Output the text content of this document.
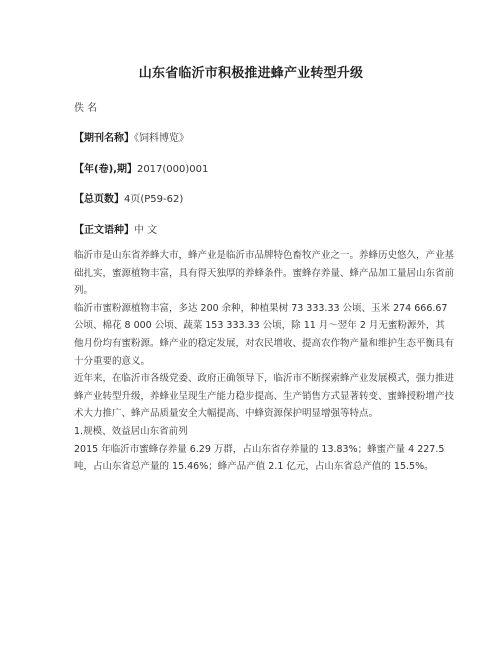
山东省临沂市积极推进蜂产业转型升级
佚 名
【期刊名称】《饲料博览》
【年(卷),期】2017(000)001
【总页数】4页(P59-62)
【正文语种】中 文

临沂市是山东省养蜂大市，蜂产业是临沂市品牌特色畜牧产业之一。养蜂历史悠久，产业基础扎实，蜜源植物丰富，具有得天独厚的养蜂条件。蜜蜂存养量、蜂产品加工量居山东省前列。

临沂市蜜粉源植物丰富，多达 200 余种，种植果树 73 333.33 公顷、玉米 274 666.67 公顷、棉花 8 000 公顷、蔬菜 153 333.33 公顷，除 11 月～翌年 2 月无蜜粉源外，其他月份均有蜜粉源。蜂产业的稳定发展，对农民增收、提高农作物产量和维护生态平衡具有十分重要的意义。

近年来，在临沂市各级党委、政府正确领导下，临沂市不断探索蜂产业发展模式，强力推进蜂产业转型升级，养蜂业呈现生产能力稳步提高、生产销售方式显著转变、蜜蜂授粉增产技术大力推广、蜂产品质量安全大幅提高、中蜂资源保护明显增强等特点。

1.规模、效益居山东省前列

2015 年临沂市蜜蜂存养量 6.29 万群，占山东省存养量的 13.83%；蜂蜜产量 4 227.5 吨，占山东省总产量的 15.46%；蜂产品产值 2.1 亿元，占山东省总产值的 15.5%。
